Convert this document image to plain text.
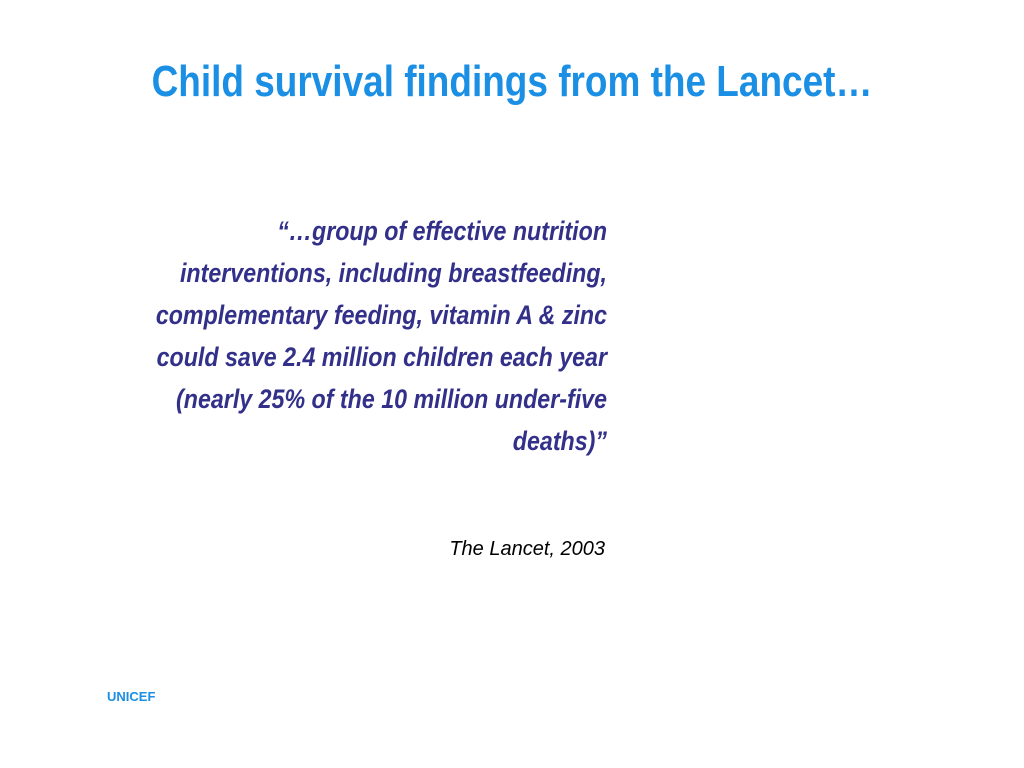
Child survival findings from the Lancet…
“…group of effective nutrition
interventions, including breastfeeding,
complementary feeding, vitamin A & zinc
could save 2.4 million children each year
(nearly 25% of the 10 million under-five
deaths)”
The Lancet, 2003
UNICEF
